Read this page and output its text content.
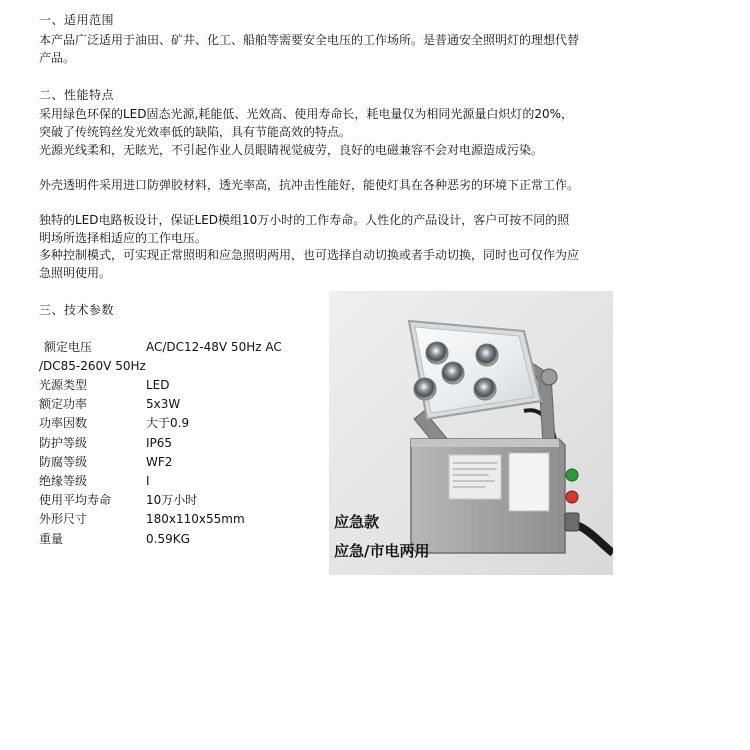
一、适用范围
本产品广泛适用于油田、矿井、化工、船舶等需要安全电压的工作场所。是普通安全照明灯的理想代替产品。
二、性能特点
采用绿色环保的LED固态光源,耗能低、光效高、使用寿命长，耗电量仅为相同光源量白炽灯的20%，突破了传统钨丝发光效率低的缺陷，具有节能高效的特点。
光源光线柔和，无眩光，不引起作业人员眼睛视觉疲劳，良好的电磁兼容不会对电源造成污染。
外壳透明件采用进口防弹胶材料，透光率高，抗冲击性能好，能使灯具在各种恶劣的环境下正常工作。
独特的LED电路板设计，保证LED模组10万小时的工作寿命。人性化的产品设计，客户可按不同的照明场所选择相适应的工作电压。
多种控制模式，可实现正常照明和应急照明两用，也可选择自动切换或者手动切换，同时也可仅作为应急照明使用。
三、技术参数
额定电压	AC/DC12-48V 50Hz AC
/DC85-260V 50Hz
光源类型	LED
额定功率	5x3W
功率因数	大于0.9
防护等级	IP65
防腐等级	WF2
绝缘等级	I
使用平均寿命	10万小时
外形尺寸	180x110x55mm
重量	0.59KG
应急款
应急/市电两用
